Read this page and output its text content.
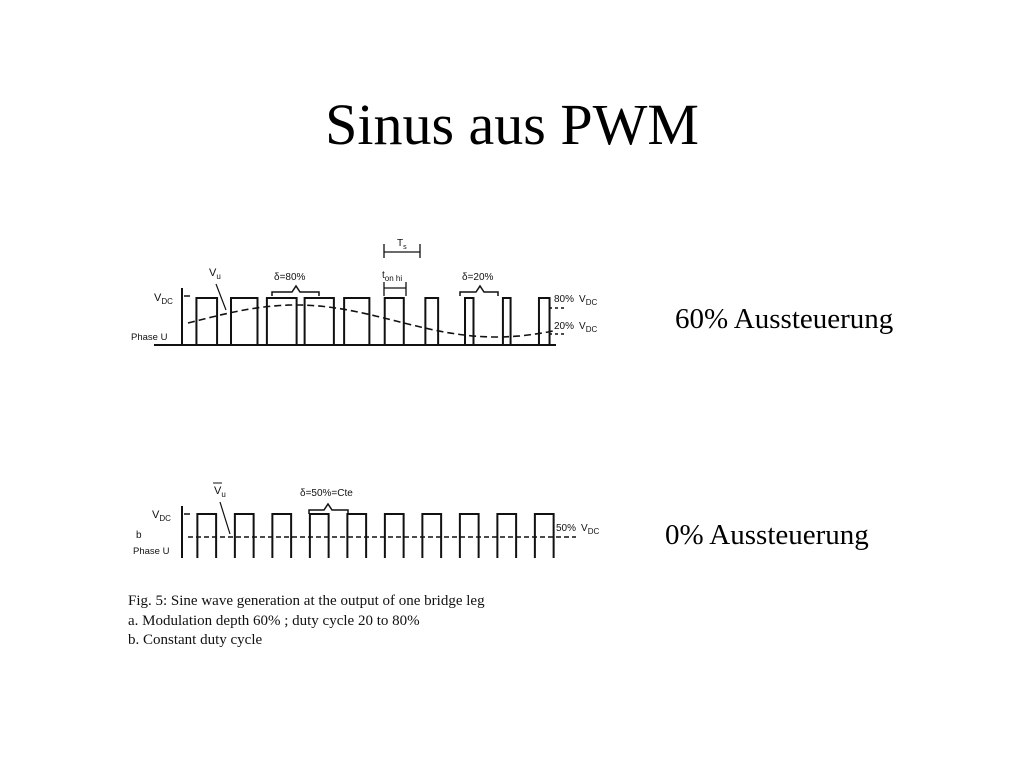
Sinus aus PWM
$V_{DC}$
Phase U
$V_u$	δ=80%	δ=20%
$T_s$
$t_{on hi}$
80% $V_{DC}$
20% $V_{DC}$
$V_{DC}$
b
Phase U
$V_u$	δ=50%=Cte
50% $V_{DC}$
60% Aussteuerung
0% Aussteuerung
Fig. 5: Sine wave generation at the output of one bridge leg
a. Modulation depth 60% ; duty cycle 20 to 80%
b. Constant duty cycle
